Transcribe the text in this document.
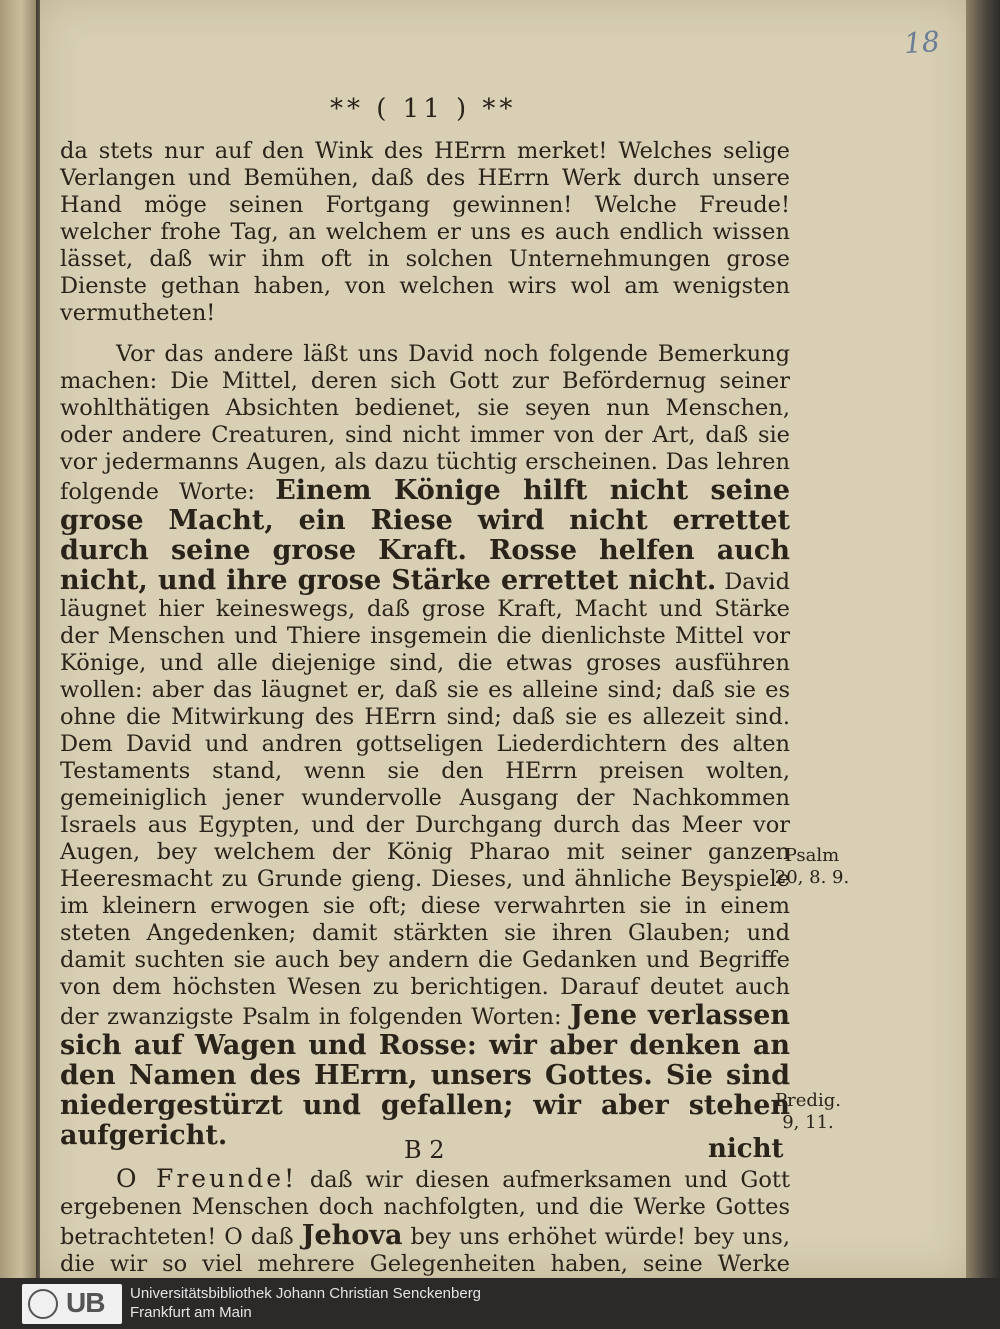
18
** ( 11 ) **

da stets nur auf den Wink des HErrn merket! Welches selige Verlangen und Bemühen, daß des HErrn Werk durch unsere Hand möge seinen Fortgang gewinnen! Welche Freude! welcher frohe Tag, an welchem er uns es auch endlich wissen lässet, daß wir ihm oft in solchen Unternehmungen grose Dienste gethan haben, von welchen wirs wol am wenigsten vermutheten!

Vor das andere läßt uns David noch folgende Bemerkung machen: Die Mittel, deren sich Gott zur Befördernug seiner wohlthätigen Absichten bedienet, sie seyen nun Menschen, oder andere Creaturen, sind nicht immer von der Art, daß sie vor jedermanns Augen, als dazu tüchtig erscheinen. Das lehren folgende Worte: Einem Könige hilft nicht seine grose Macht, ein Riese wird nicht errettet durch seine grose Kraft. Rosse helfen auch nicht, und ihre grose Stärke errettet nicht. David läugnet hier keineswegs, daß grose Kraft, Macht und Stärke der Menschen und Thiere insgemein die dienlichste Mittel vor Könige, und alle diejenige sind, die etwas groses ausführen wollen: aber das läugnet er, daß sie es alleine sind; daß sie es ohne die Mitwirkung des HErrn sind; daß sie es allezeit sind. Dem David und andren gottseligen Liederdichtern des alten Testaments stand, wenn sie den HErrn preisen wolten, gemeiniglich jener wundervolle Ausgang der Nachkommen Israels aus Egypten, und der Durchgang durch das Meer vor Augen, bey welchem der König Pharao mit seiner ganzen Heeresmacht zu Grunde gieng. Dieses, und ähnliche Beyspiele im kleinern erwogen sie oft; diese verwahrten sie in einem steten Angedenken; damit stärkten sie ihren Glauben; und damit suchten sie auch bey andern die Gedanken und Begriffe von dem höchsten Wesen zu berichtigen. Darauf deutet auch der zwanzigste Psalm in folgenden Worten: Jene verlassen sich auf Wagen und Rosse: wir aber denken an den Namen des HErrn, unsers Gottes. Sie sind niedergestürzt und gefallen; wir aber stehen aufgericht.

O Freunde! daß wir diesen aufmerksamen und Gott ergebenen Menschen doch nachfolgten, und die Werke Gottes betrachteten! O daß Jehova bey uns erhöhet würde! bey uns, die wir so viel mehrere Gelegenheiten haben, seine Werke

Psalm 20, 8. 9.
Predig. 9, 11.
B 2	nicht
UB Universitätsbibliothek Johann Christian Senckenberg
Frankfurt am Main
